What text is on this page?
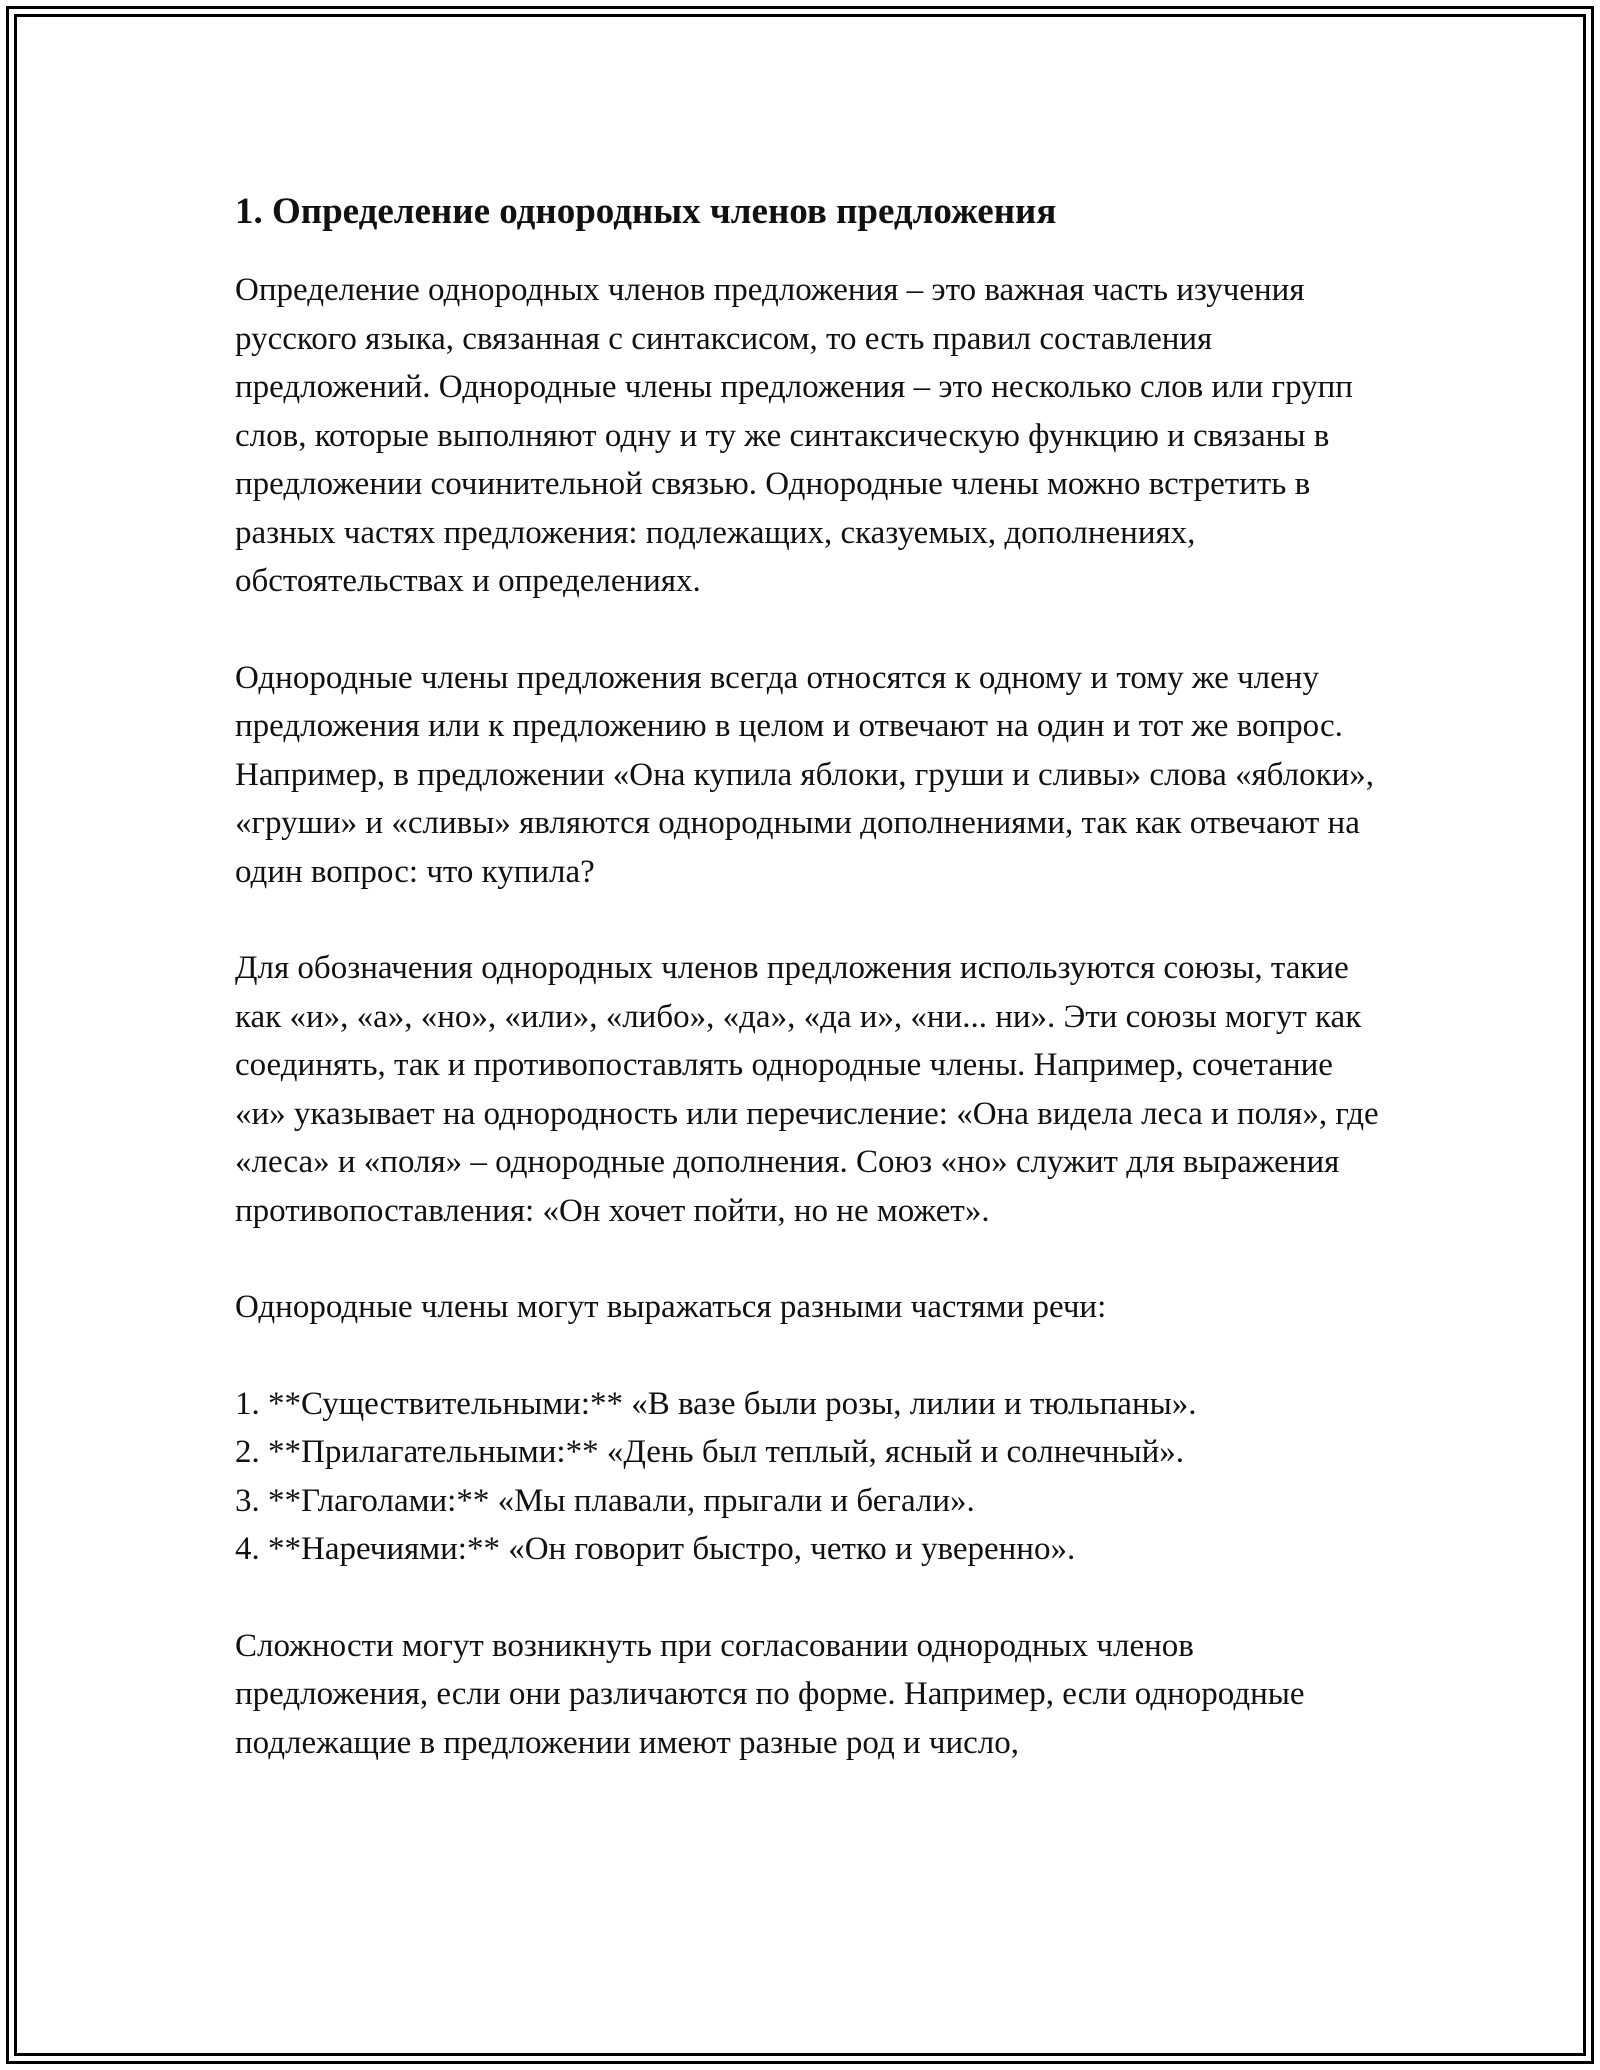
1. Определение однородных членов предложения

Определение однородных членов предложения – это важная часть изучения русского языка, связанная с синтаксисом, то есть правил составления предложений. Однородные члены предложения – это несколько слов или групп слов, которые выполняют одну и ту же синтаксическую функцию и связаны в предложении сочинительной связью. Однородные члены можно встретить в разных частях предложения: подлежащих, сказуемых, дополнениях, обстоятельствах и определениях.

Однородные члены предложения всегда относятся к одному и тому же члену предложения или к предложению в целом и отвечают на один и тот же вопрос. Например, в предложении «Она купила яблоки, груши и сливы» слова «яблоки», «груши» и «сливы» являются однородными дополнениями, так как отвечают на один вопрос: что купила?

Для обозначения однородных членов предложения используются союзы, такие как «и», «а», «но», «или», «либо», «да», «да и», «ни... ни». Эти союзы могут как соединять, так и противопоставлять однородные члены. Например, сочетание «и» указывает на однородность или перечисление: «Она видела леса и поля», где «леса» и «поля» – однородные дополнения. Союз «но» служит для выражения противопоставления: «Он хочет пойти, но не может».

Однородные члены могут выражаться разными частями речи:

1. **Существительными:** «В вазе были розы, лилии и тюльпаны».
2. **Прилагательными:** «День был теплый, ясный и солнечный».
3. **Глаголами:** «Мы плавали, прыгали и бегали».
4. **Наречиями:** «Он говорит быстро, четко и уверенно».

Сложности могут возникнуть при согласовании однородных членов предложения, если они различаются по форме. Например, если однородные подлежащие в предложении имеют разные род и число,
